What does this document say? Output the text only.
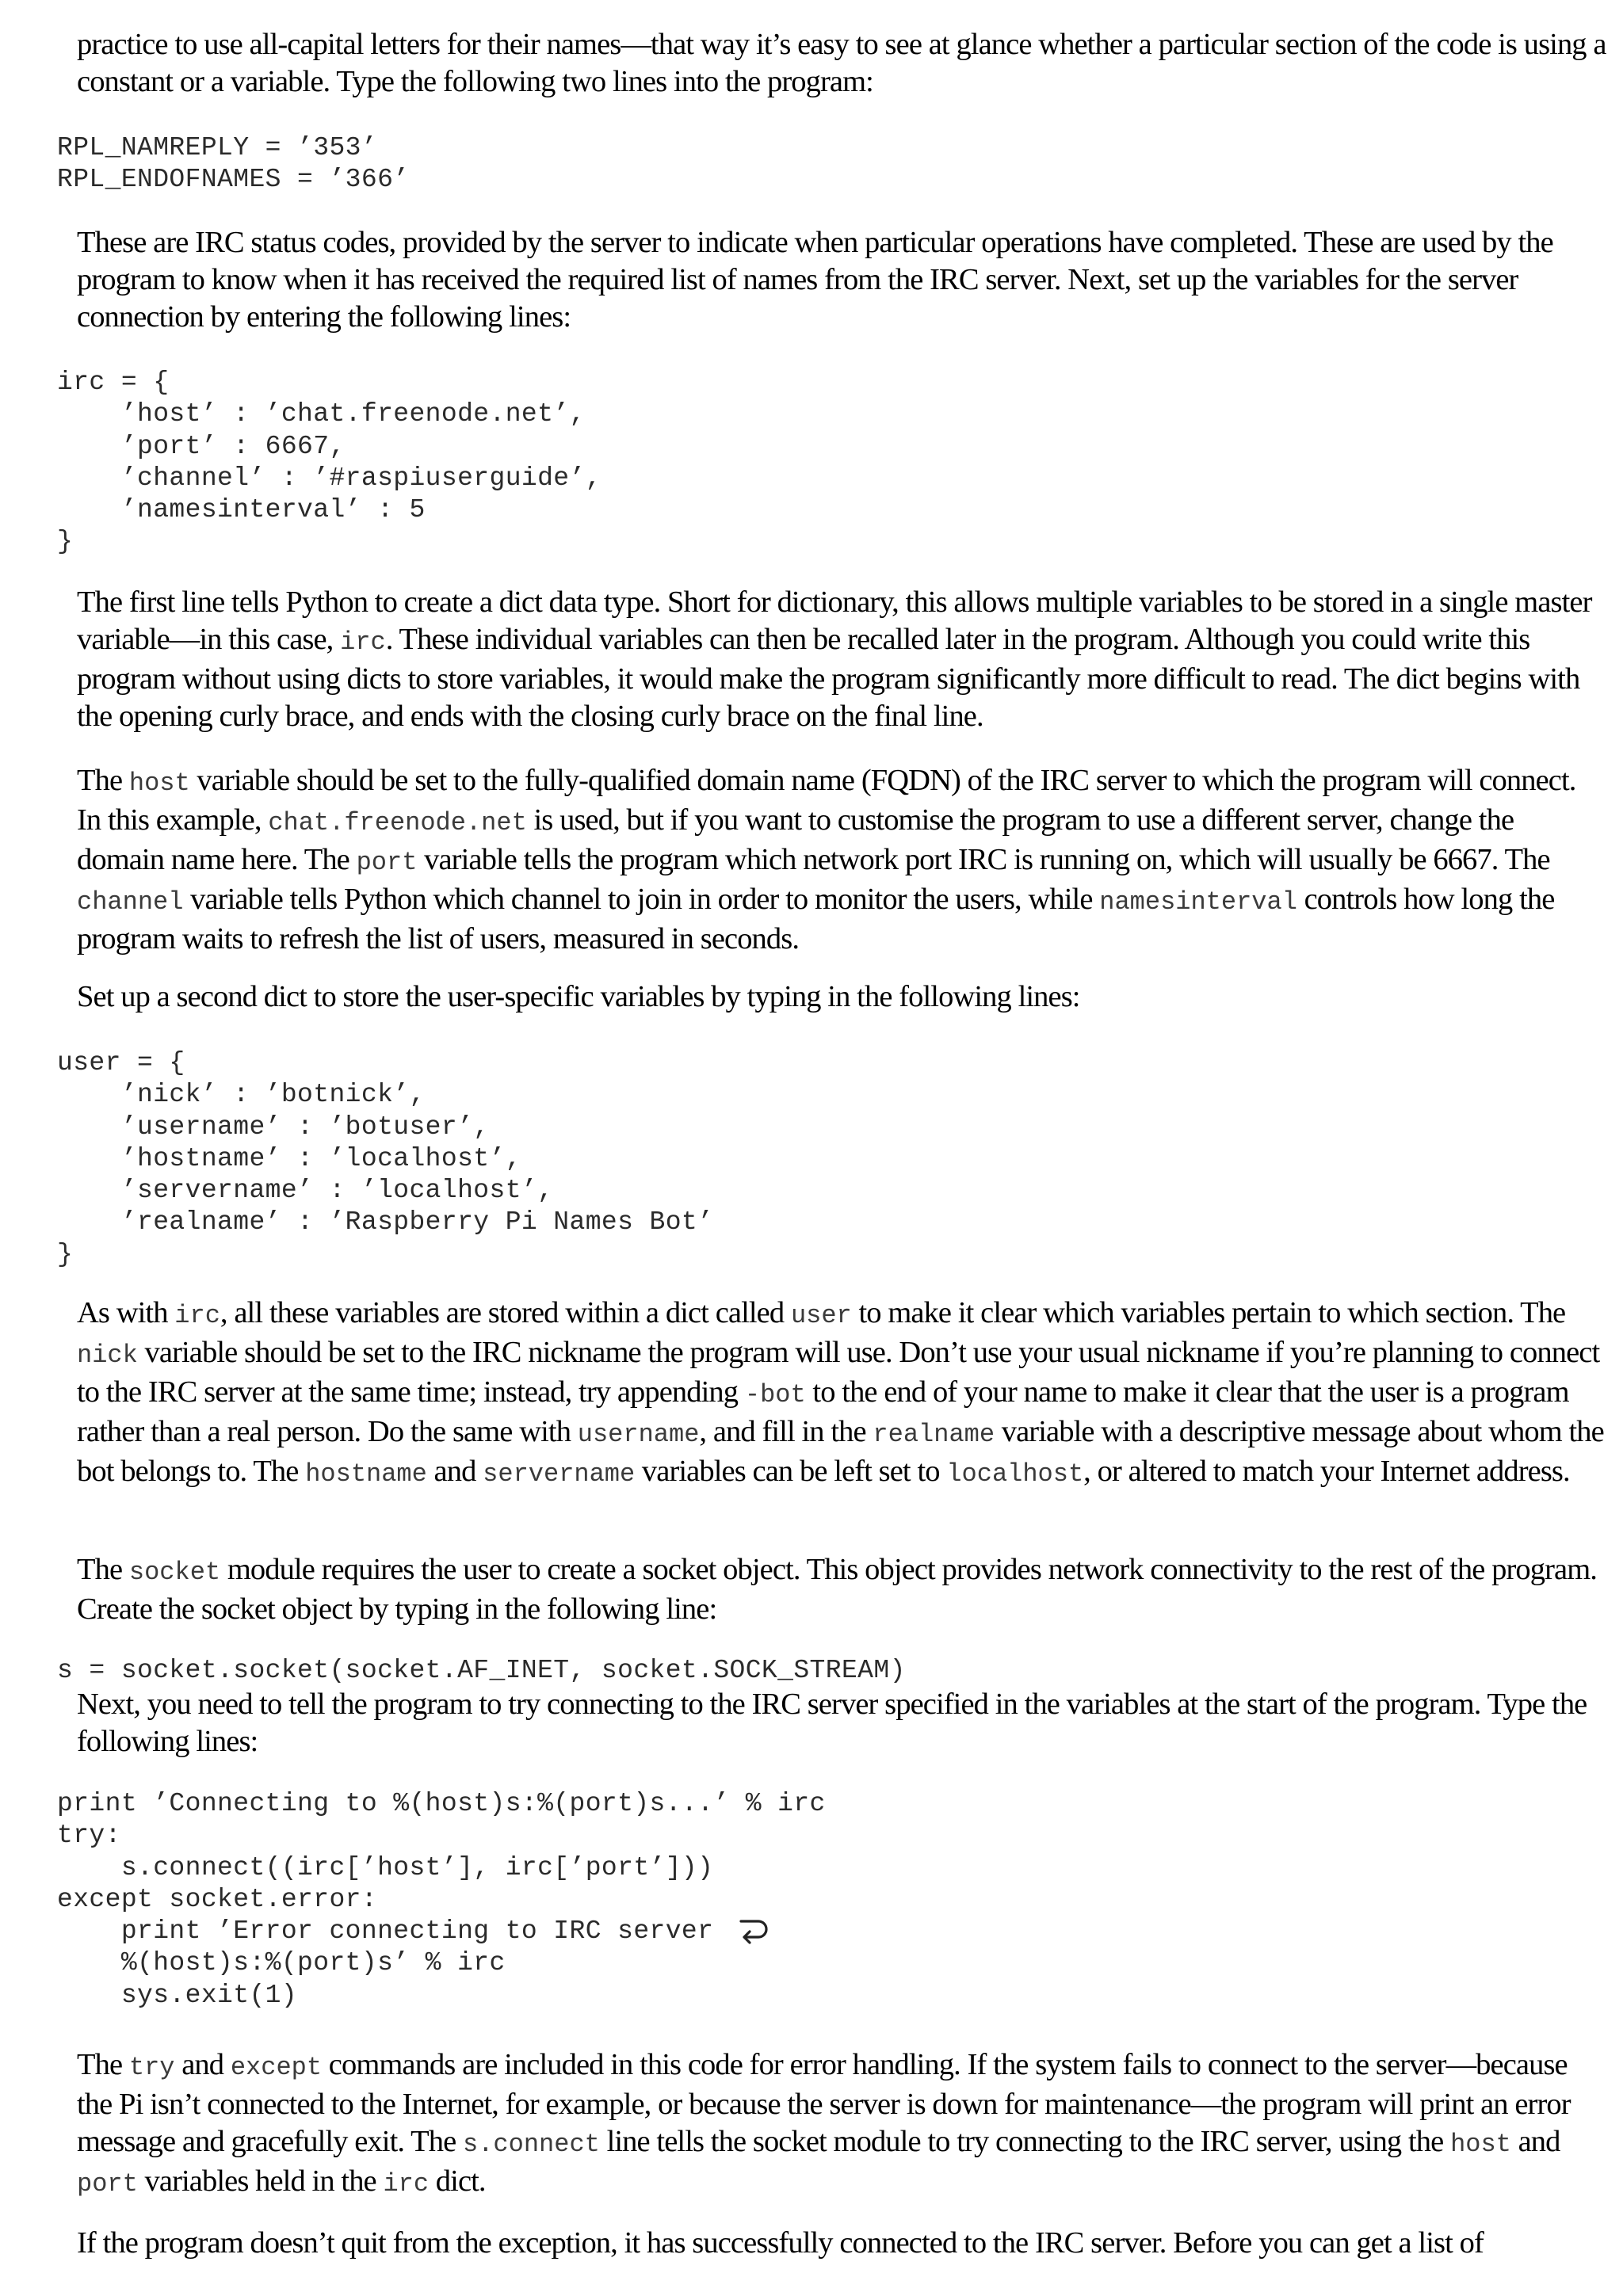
practice to use all-capital letters for their names—that way it’s easy to see at glance whether a particular section of the code is using a constant or a variable. Type the following two lines into the program:

RPL_NAMREPLY = ’353’
RPL_ENDOFNAMES = ’366’

These are IRC status codes, provided by the server to indicate when particular operations have completed. These are used by the program to know when it has received the required list of names from the IRC server. Next, set up the variables for the server connection by entering the following lines:

irc = {
’host’ : ’chat.freenode.net’,
’port’ : 6667,
’channel’ : ’#raspiuserguide’,
’namesinterval’ : 5
}

The first line tells Python to create a dict data type. Short for dictionary, this allows multiple variables to be stored in a single master variable—in this case, irc. These individual variables can then be recalled later in the program. Although you could write this program without using dicts to store variables, it would make the program significantly more difficult to read. The dict begins with the opening curly brace, and ends with the closing curly brace on the final line.

The host variable should be set to the fully-qualified domain name (FQDN) of the IRC server to which the program will connect. In this example, chat.freenode.net is used, but if you want to customise the program to use a different server, change the domain name here. The port variable tells the program which network port IRC is running on, which will usually be 6667. The channel variable tells Python which channel to join in order to monitor the users, while namesinterval controls how long the program waits to refresh the list of users, measured in seconds.

Set up a second dict to store the user-specific variables by typing in the following lines:

user = {
’nick’ : ’botnick’,
’username’ : ’botuser’,
’hostname’ : ’localhost’,
’servername’ : ’localhost’,
’realname’ : ’Raspberry Pi Names Bot’
}

As with irc, all these variables are stored within a dict called user to make it clear which variables pertain to which section. The nick variable should be set to the IRC nickname the program will use. Don’t use your usual nickname if you’re planning to connect to the IRC server at the same time; instead, try appending -bot to the end of your name to make it clear that the user is a program rather than a real person. Do the same with username, and fill in the realname variable with a descriptive message about whom the bot belongs to. The hostname and servername variables can be left set to localhost, or altered to match your Internet address.

The socket module requires the user to create a socket object. This object provides network connectivity to the rest of the program. Create the socket object by typing in the following line:

s = socket.socket(socket.AF_INET, socket.SOCK_STREAM)

Next, you need to tell the program to try connecting to the IRC server specified in the variables at the start of the program. Type the following lines:

print ’Connecting to %(host)s:%(port)s...’ % irc
try:
s.connect((irc[’host’], irc[’port’]))
except socket.error:
print ’Error connecting to IRC server
%(host)s:%(port)s’ % irc
sys.exit(1)

The try and except commands are included in this code for error handling. If the system fails to connect to the server—because the Pi isn’t connected to the Internet, for example, or because the server is down for maintenance—the program will print an error message and gracefully exit. The s.connect line tells the socket module to try connecting to the IRC server, using the host and port variables held in the irc dict.

If the program doesn’t quit from the exception, it has successfully connected to the IRC server. Before you can get a list of
